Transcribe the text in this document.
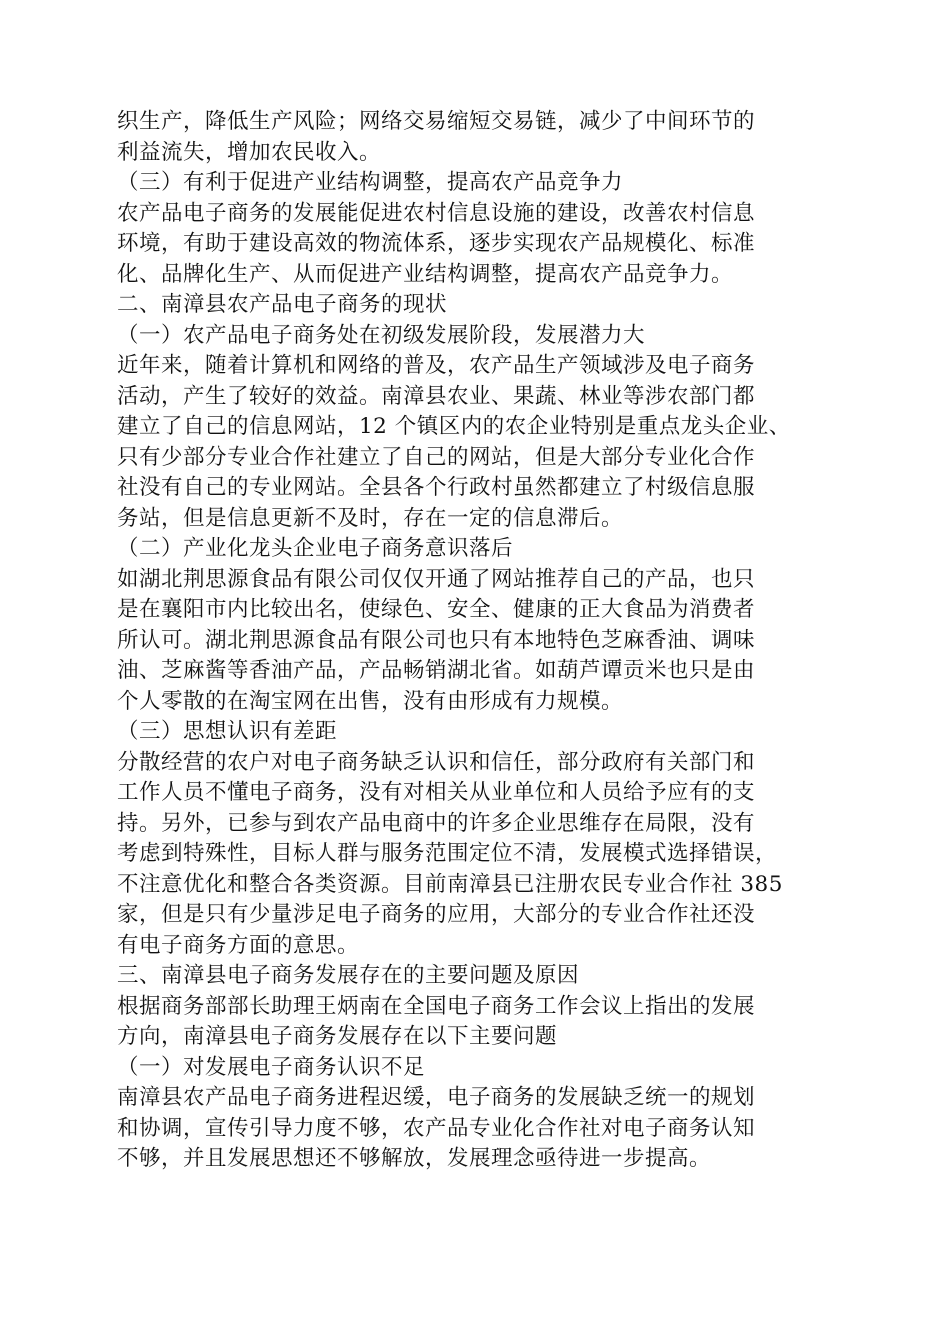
织生产，降低生产风险；网络交易缩短交易链，减少了中间环节的
利益流失，增加农民收入。
（三）有利于促进产业结构调整，提高农产品竞争力
农产品电子商务的发展能促进农村信息设施的建设，改善农村信息
环境，有助于建设高效的物流体系，逐步实现农产品规模化、标准
化、品牌化生产、从而促进产业结构调整，提高农产品竞争力。
二、南漳县农产品电子商务的现状
（一）农产品电子商务处在初级发展阶段，发展潜力大
近年来，随着计算机和网络的普及，农产品生产领域涉及电子商务
活动，产生了较好的效益。南漳县农业、果蔬、林业等涉农部门都
建立了自己的信息网站，12 个镇区内的农企业特别是重点龙头企业、
只有少部分专业合作社建立了自己的网站，但是大部分专业化合作
社没有自己的专业网站。全县各个行政村虽然都建立了村级信息服
务站，但是信息更新不及时，存在一定的信息滞后。
（二）产业化龙头企业电子商务意识落后
如湖北荆思源食品有限公司仅仅开通了网站推荐自己的产品，也只
是在襄阳市内比较出名，使绿色、安全、健康的正大食品为消费者
所认可。湖北荆思源食品有限公司也只有本地特色芝麻香油、调味
油、芝麻酱等香油产品，产品畅销湖北省。如葫芦谭贡米也只是由
个人零散的在淘宝网在出售，没有由形成有力规模。
（三）思想认识有差距
分散经营的农户对电子商务缺乏认识和信任，部分政府有关部门和
工作人员不懂电子商务，没有对相关从业单位和人员给予应有的支
持。另外，已参与到农产品电商中的许多企业思维存在局限，没有
考虑到特殊性，目标人群与服务范围定位不清，发展模式选择错误，
不注意优化和整合各类资源。目前南漳县已注册农民专业合作社 385
家，但是只有少量涉足电子商务的应用，大部分的专业合作社还没
有电子商务方面的意思。
三、南漳县电子商务发展存在的主要问题及原因
根据商务部部长助理王炳南在全国电子商务工作会议上指出的发展
方向，南漳县电子商务发展存在以下主要问题
（一）对发展电子商务认识不足
南漳县农产品电子商务进程迟缓，电子商务的发展缺乏统一的规划
和协调，宣传引导力度不够，农产品专业化合作社对电子商务认知
不够，并且发展思想还不够解放，发展理念亟待进一步提高。
